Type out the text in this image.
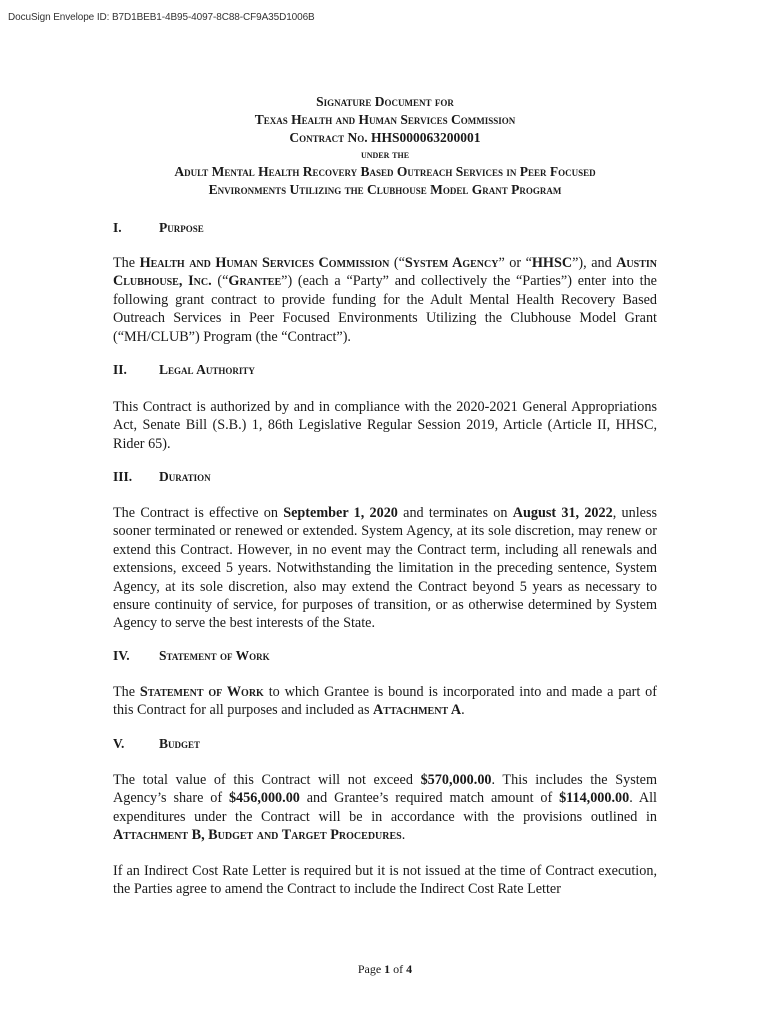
DocuSign Envelope ID: B7D1BEB1-4B95-4097-8C88-CF9A35D1006B
Signature Document for
Texas Health and Human Services Commission
Contract No. HHS000063200001
under the
Adult Mental Health Recovery Based Outreach Services in Peer Focused
Environments Utilizing the Clubhouse Model Grant Program
I.	Purpose
The Health and Human Services Commission (“System Agency” or “HHSC”), and Austin Clubhouse, Inc. (“Grantee”) (each a “Party” and collectively the “Parties”) enter into the following grant contract to provide funding for the Adult Mental Health Recovery Based Outreach Services in Peer Focused Environments Utilizing the Clubhouse Model Grant (“MH/CLUB”) Program (the “Contract”).
II. Legal Authority
This Contract is authorized by and in compliance with the 2020-2021 General Appropriations Act, Senate Bill (S.B.) 1, 86th Legislative Regular Session 2019, Article (Article II, HHSC, Rider 65).
III. Duration
The Contract is effective on September 1, 2020 and terminates on August 31, 2022, unless sooner terminated or renewed or extended. System Agency, at its sole discretion, may renew or extend this Contract. However, in no event may the Contract term, including all renewals and extensions, exceed 5 years. Notwithstanding the limitation in the preceding sentence, System Agency, at its sole discretion, also may extend the Contract beyond 5 years as necessary to ensure continuity of service, for purposes of transition, or as otherwise determined by System Agency to serve the best interests of the State.
IV. Statement of Work
The Statement of Work to which Grantee is bound is incorporated into and made a part of this Contract for all purposes and included as Attachment A.
V.	Budget
The total value of this Contract will not exceed $570,000.00. This includes the System Agency’s share of $456,000.00 and Grantee’s required match amount of $114,000.00. All expenditures under the Contract will be in accordance with the provisions outlined in Attachment B, Budget and Target Procedures.
If an Indirect Cost Rate Letter is required but it is not issued at the time of Contract execution, the Parties agree to amend the Contract to include the Indirect Cost Rate Letter
Page 1 of 4
